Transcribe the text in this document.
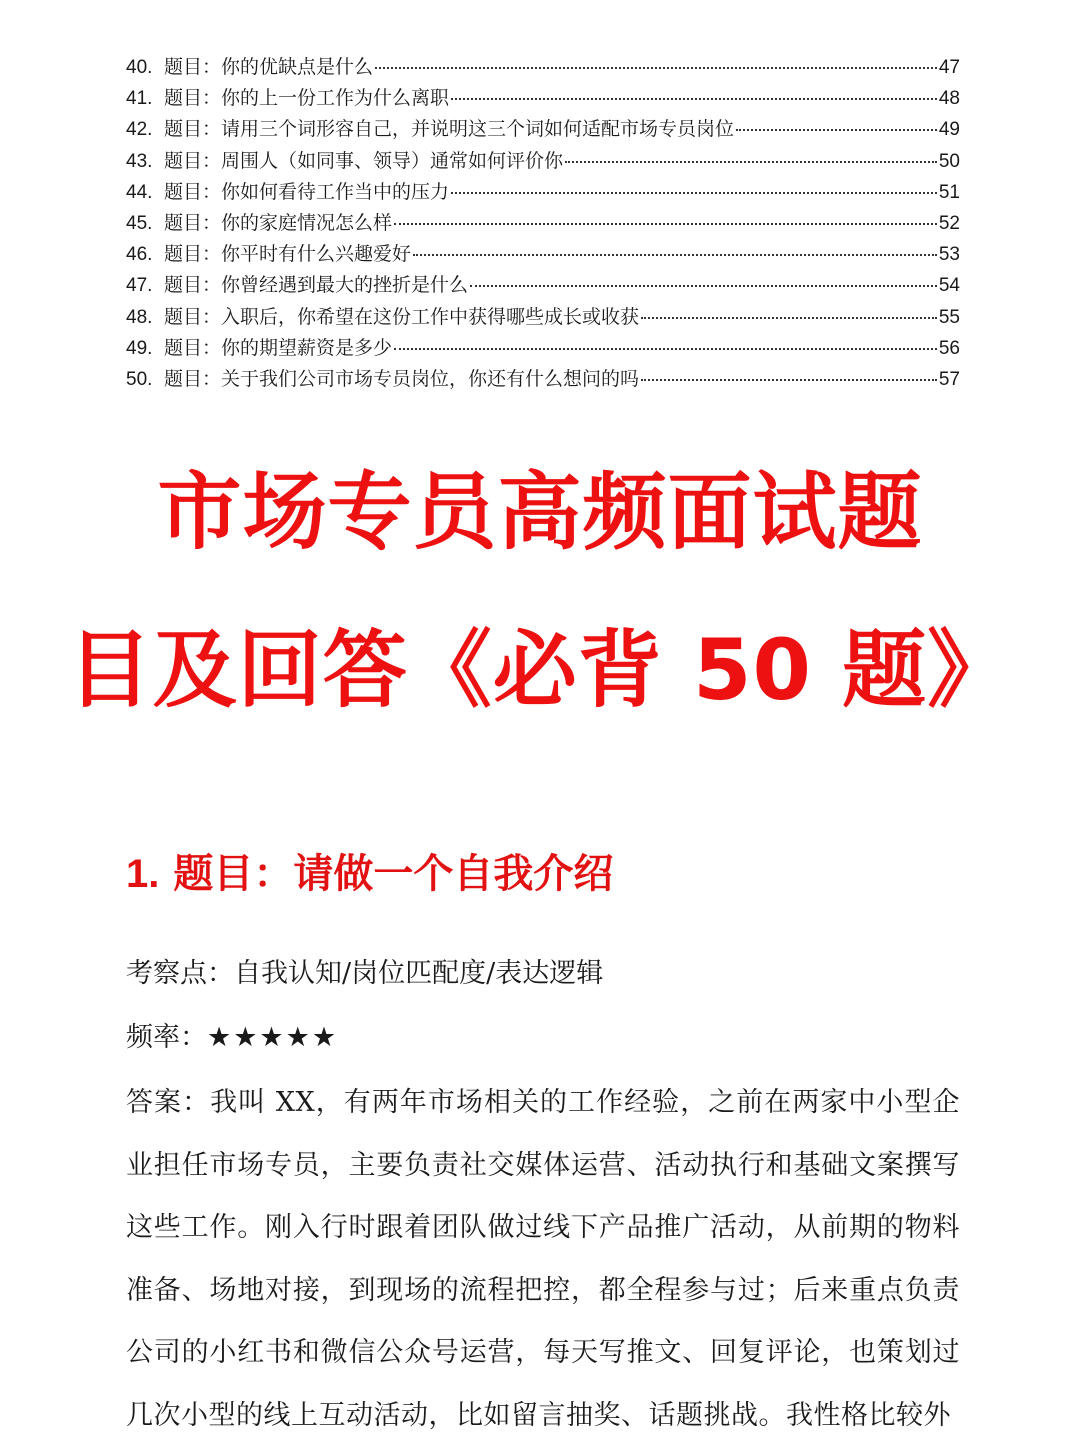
40. 题目：你的优缺点是什么	47
41. 题目：你的上一份工作为什么离职	48
42. 题目：请用三个词形容自己，并说明这三个词如何适配市场专员岗位	49
43. 题目：周围人（如同事、领导）通常如何评价你	50
44. 题目：你如何看待工作当中的压力	51
45. 题目：你的家庭情况怎么样	52
46. 题目：你平时有什么兴趣爱好	53
47. 题目：你曾经遇到最大的挫折是什么	54
48. 题目：入职后，你希望在这份工作中获得哪些成长或收获	55
49. 题目：你的期望薪资是多少	56
50. 题目：关于我们公司市场专员岗位，你还有什么想问的吗	57
市场专员高频面试题
目及回答《必背 50 题》
1. 题目：请做一个自我介绍
考察点：自我认知/岗位匹配度/表达逻辑
频率：★★★★★
答案：我叫 XX，有两年市场相关的工作经验，之前在两家中小型企业担任市场专员，主要负责社交媒体运营、活动执行和基础文案撰写这些工作。刚入行时跟着团队做过线下产品推广活动，从前期的物料准备、场地对接，到现场的流程把控，都全程参与过；后来重点负责公司的小红书和微信公众号运营，每天写推文、回复评论，也策划过几次小型的线上互动活动，比如留言抽奖、话题挑战。我性格比较外
